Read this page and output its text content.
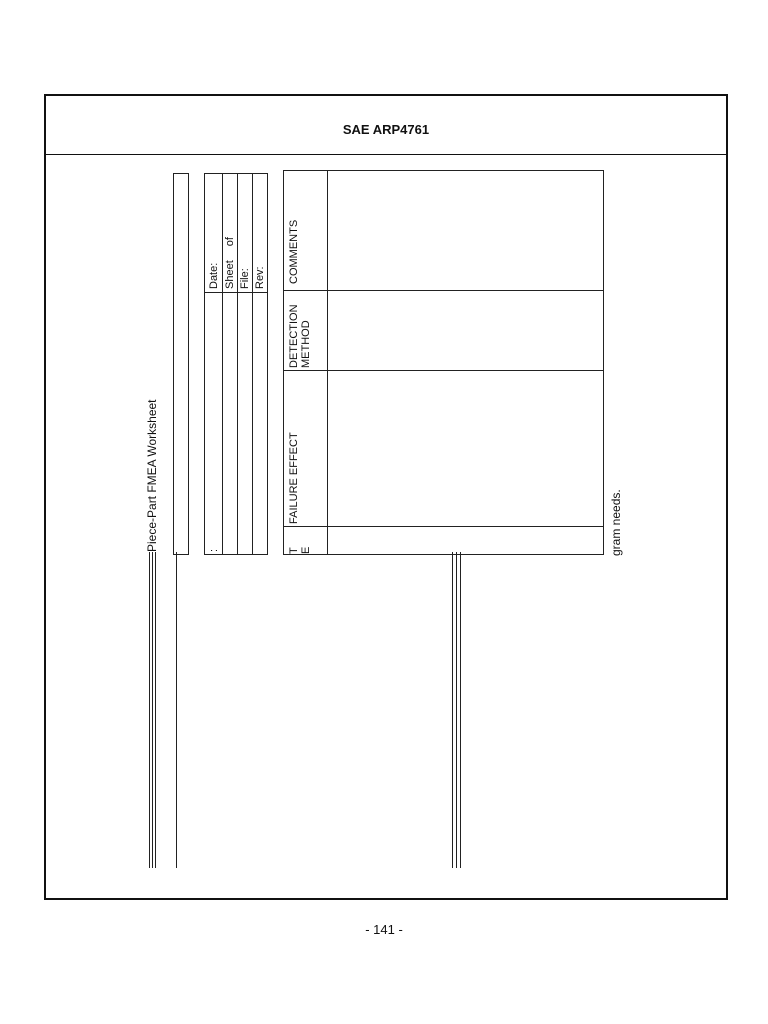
SAE ARP4761
Piece-Part FMEA Worksheet
Date: Sheetof
File: Rev:
:
COMMENTS
DETECTION
METHOD
FAILURE EFFECT
T
E	gram needs.
- 141 -
